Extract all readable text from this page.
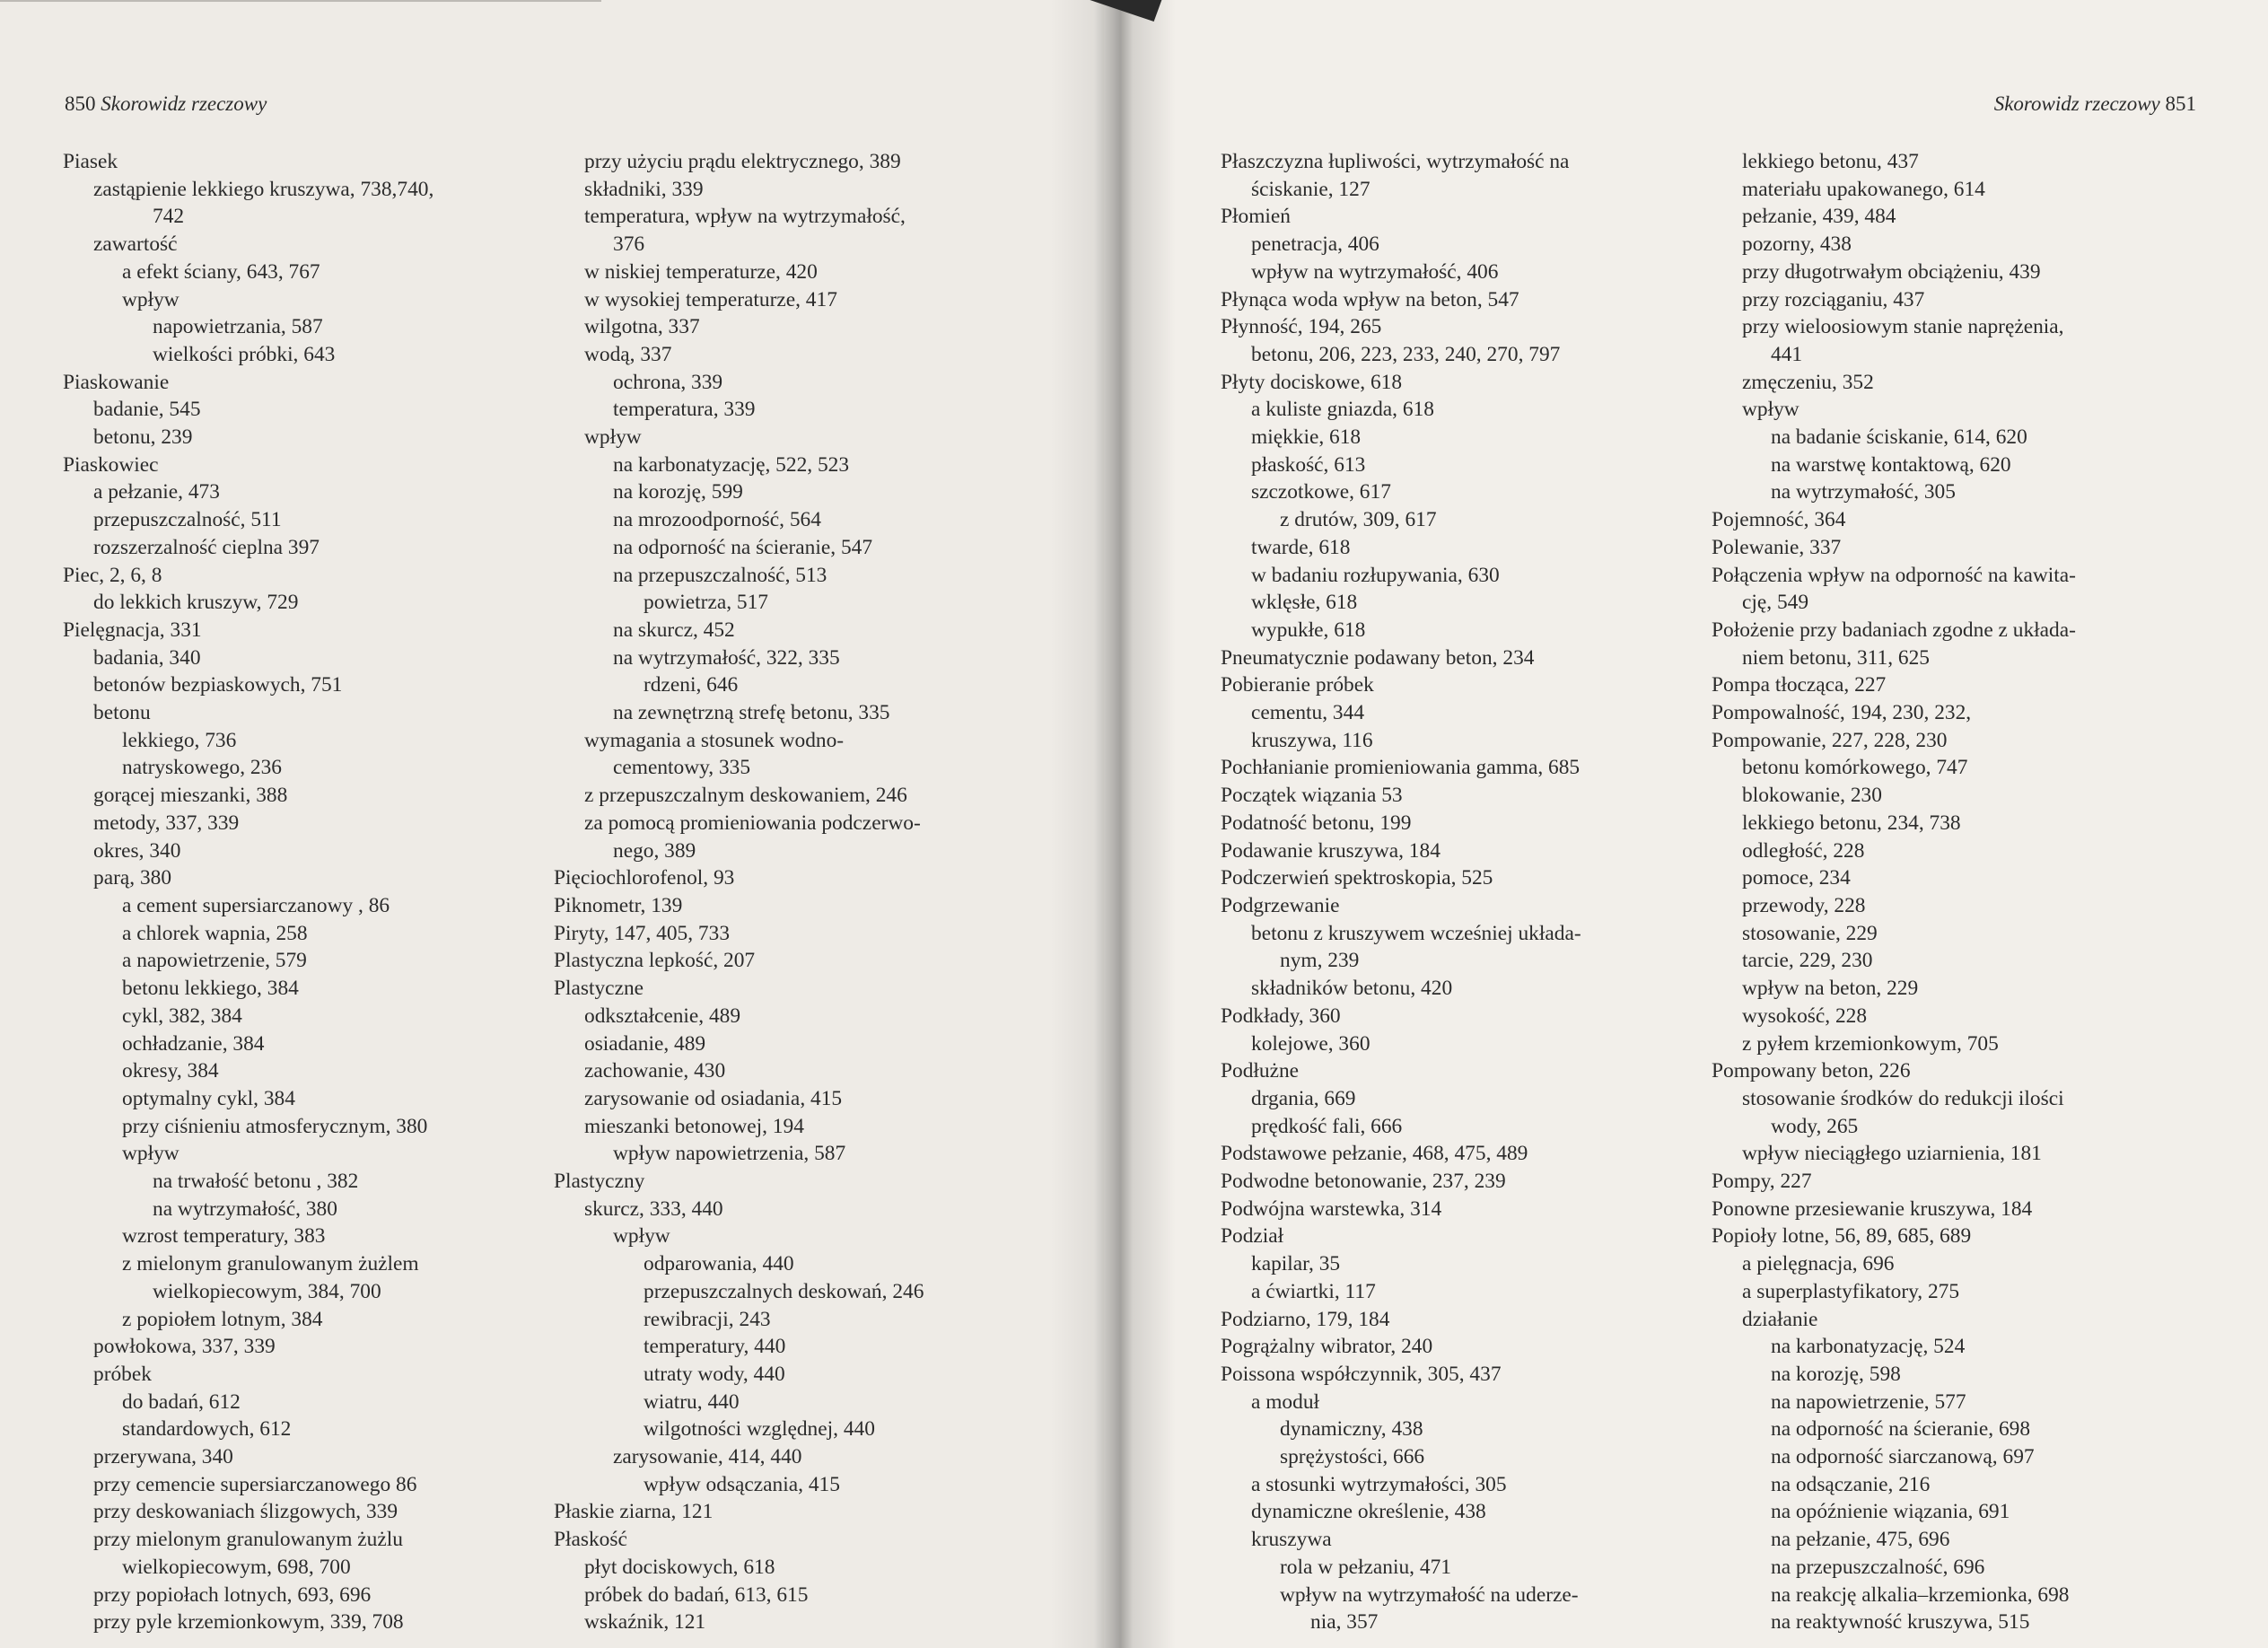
850 Skorowidz rzeczowy
Piasek
zastąpienie lekkiego kruszywa, 738,740,
742
zawartość
a efekt ściany, 643, 767
wpływ
napowietrzania, 587
wielkości próbki, 643
Piaskowanie
badanie, 545
betonu, 239
Piaskowiec
a pełzanie, 473
przepuszczalność, 511
rozszerzalność cieplna 397
Piec, 2, 6, 8
do lekkich kruszyw, 729
Pielęgnacja, 331
badania, 340
betonów bezpiaskowych, 751
betonu
lekkiego, 736
natryskowego, 236
gorącej mieszanki, 388
metody, 337, 339
okres, 340
parą, 380
a cement supersiarczanowy , 86
a chlorek wapnia, 258
a napowietrzenie, 579
betonu lekkiego, 384
cykl, 382, 384
ochładzanie, 384
okresy, 384
optymalny cykl, 384
przy ciśnieniu atmosferycznym, 380
wpływ
na trwałość betonu , 382
na wytrzymałość, 380
wzrost temperatury, 383
z mielonym granulowanym żużlem
wielkopiecowym, 384, 700
z popiołem lotnym, 384
powłokowa, 337, 339
próbek
do badań, 612
standardowych, 612
przerywana, 340
przy cemencie supersiarczanowego 86
przy deskowaniach ślizgowych, 339
przy mielonym granulowanym żużlu
wielkopiecowym, 698, 700
przy popiołach lotnych, 693, 696
przy pyle krzemionkowym, 339, 708
przy użyciu prądu elektrycznego, 389
składniki, 339
temperatura, wpływ na wytrzymałość,
376
w niskiej temperaturze, 420
w wysokiej temperaturze, 417
wilgotna, 337
wodą, 337
ochrona, 339
temperatura, 339
wpływ
na karbonatyzację, 522, 523
na korozję, 599
na mrozoodporność, 564
na odporność na ścieranie, 547
na przepuszczalność, 513
powietrza, 517
na skurcz, 452
na wytrzymałość, 322, 335
rdzeni, 646
na zewnętrzną strefę betonu, 335
wymagania a stosunek wodno-
cementowy, 335
z przepuszczalnym deskowaniem, 246
za pomocą promieniowania podczerwo-
nego, 389
Pięciochlorofenol, 93
Piknometr, 139
Piryty, 147, 405, 733
Plastyczna lepkość, 207
Plastyczne
odkształcenie, 489
osiadanie, 489
zachowanie, 430
zarysowanie od osiadania, 415
mieszanki betonowej, 194
wpływ napowietrzenia, 587
Plastyczny
skurcz, 333, 440
wpływ
odparowania, 440
przepuszczalnych deskowań, 246
rewibracji, 243
temperatury, 440
utraty wody, 440
wiatru, 440
wilgotności względnej, 440
zarysowanie, 414, 440
wpływ odsączania, 415
Płaskie ziarna, 121
Płaskość
płyt dociskowych, 618
próbek do badań, 613, 615
wskaźnik, 121
Skorowidz rzeczowy 851
Płaszczyzna łupliwości, wytrzymałość na
ściskanie, 127
Płomień
penetracja, 406
wpływ na wytrzymałość, 406
Płynąca woda wpływ na beton, 547
Płynność, 194, 265
betonu, 206, 223, 233, 240, 270, 797
Płyty dociskowe, 618
a kuliste gniazda, 618
miękkie, 618
płaskość, 613
szczotkowe, 617
z drutów, 309, 617
twarde, 618
w badaniu rozłupywania, 630
wklęsłe, 618
wypukłe, 618
Pneumatycznie podawany beton, 234
Pobieranie próbek
cementu, 344
kruszywa, 116
Pochłanianie promieniowania gamma, 685
Początek wiązania 53
Podatność betonu, 199
Podawanie kruszywa, 184
Podczerwień spektroskopia, 525
Podgrzewanie
betonu z kruszywem wcześniej układa-
nym, 239
składników betonu, 420
Podkłady, 360
kolejowe, 360
Podłużne
drgania, 669
prędkość fali, 666
Podstawowe pełzanie, 468, 475, 489
Podwodne betonowanie, 237, 239
Podwójna warstewka, 314
Podział
kapilar, 35
a ćwiartki, 117
Podziarno, 179, 184
Pogrążalny wibrator, 240
Poissona współczynnik, 305, 437
a moduł
dynamiczny, 438
sprężystości, 666
a stosunki wytrzymałości, 305
dynamiczne określenie, 438
kruszywa
rola w pełzaniu, 471
wpływ na wytrzymałość na uderze-
nia, 357
lekkiego betonu, 437
materiału upakowanego, 614
pełzanie, 439, 484
pozorny, 438
przy długotrwałym obciążeniu, 439
przy rozciąganiu, 437
przy wieloosiowym stanie naprężenia,
441
zmęczeniu, 352
wpływ
na badanie ściskanie, 614, 620
na warstwę kontaktową, 620
na wytrzymałość, 305
Pojemność, 364
Polewanie, 337
Połączenia wpływ na odporność na kawita-
cję, 549
Położenie przy badaniach zgodne z układa-
niem betonu, 311, 625
Pompa tłocząca, 227
Pompowalność, 194, 230, 232,
Pompowanie, 227, 228, 230
betonu komórkowego, 747
blokowanie, 230
lekkiego betonu, 234, 738
odległość, 228
pomoce, 234
przewody, 228
stosowanie, 229
tarcie, 229, 230
wpływ na beton, 229
wysokość, 228
z pyłem krzemionkowym, 705
Pompowany beton, 226
stosowanie środków do redukcji ilości
wody, 265
wpływ nieciągłego uziarnienia, 181
Pompy, 227
Ponowne przesiewanie kruszywa, 184
Popioły lotne, 56, 89, 685, 689
a pielęgnacja, 696
a superplastyfikatory, 275
działanie
na karbonatyzację, 524
na korozję, 598
na napowietrzenie, 577
na odporność na ścieranie, 698
na odporność siarczanową, 697
na odsączanie, 216
na opóźnienie wiązania, 691
na pełzanie, 475, 696
na przepuszczalność, 696
na reakcję alkalia–krzemionka, 698
na reaktywność kruszywa, 515
